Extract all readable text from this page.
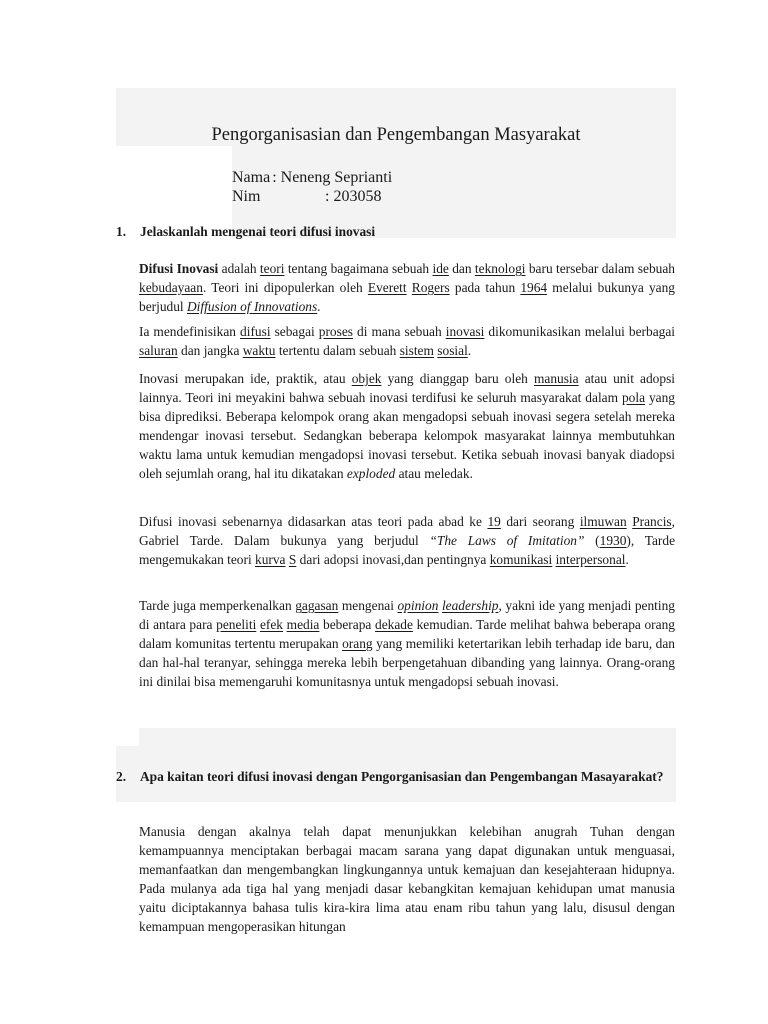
Pengorganisasian dan Pengembangan Masyarakat
Nama : Neneng Seprianti
Nim	: 203058
1. Jelaskanlah mengenai teori difusi inovasi

Difusi Inovasi adalah teori tentang bagaimana sebuah ide dan teknologi baru tersebar dalam sebuah kebudayaan. Teori ini dipopulerkan oleh Everett Rogers pada tahun 1964 melalui bukunya yang berjudul Diffusion of Innovations.

Ia mendefinisikan difusi sebagai proses di mana sebuah inovasi dikomunikasikan melalui berbagai saluran dan jangka waktu tertentu dalam sebuah sistem sosial.

Inovasi merupakan ide, praktik, atau objek yang dianggap baru oleh manusia atau unit adopsi lainnya. Teori ini meyakini bahwa sebuah inovasi terdifusi ke seluruh masyarakat dalam pola yang bisa diprediksi. Beberapa kelompok orang akan mengadopsi sebuah inovasi segera setelah mereka mendengar inovasi tersebut. Sedangkan beberapa kelompok masyarakat lainnya membutuhkan waktu lama untuk kemudian mengadopsi inovasi tersebut. Ketika sebuah inovasi banyak diadopsi oleh sejumlah orang, hal itu dikatakan exploded atau meledak.

Difusi inovasi sebenarnya didasarkan atas teori pada abad ke 19 dari seorang ilmuwan Prancis, Gabriel Tarde. Dalam bukunya yang berjudul “The Laws of Imitation” (1930), Tarde mengemukakan teori kurva S dari adopsi inovasi,dan pentingnya komunikasi interpersonal.

Tarde juga memperkenalkan gagasan mengenai opinion leadership, yakni ide yang menjadi penting di antara para peneliti efek media beberapa dekade kemudian. Tarde melihat bahwa beberapa orang dalam komunitas tertentu merupakan orang yang memiliki ketertarikan lebih terhadap ide baru, dan dan hal-hal teranyar, sehingga mereka lebih berpengetahuan dibanding yang lainnya. Orang-orang ini dinilai bisa memengaruhi komunitasnya untuk mengadopsi sebuah inovasi.

2. Apa kaitan teori difusi inovasi dengan Pengorganisasian dan Pengembangan Masayarakat?

Manusia dengan akalnya telah dapat menunjukkan kelebihan anugrah Tuhan dengan kemampuannya menciptakan berbagai macam sarana yang dapat digunakan untuk menguasai, memanfaatkan dan mengembangkan lingkungannya untuk kemajuan dan kesejahteraan hidupnya. Pada mulanya ada tiga hal yang menjadi dasar kebangkitan kemajuan kehidupan umat manusia yaitu diciptakannya bahasa tulis kira-kira lima atau enam ribu tahun yang lalu, disusul dengan kemampuan mengoperasikan hitungan
